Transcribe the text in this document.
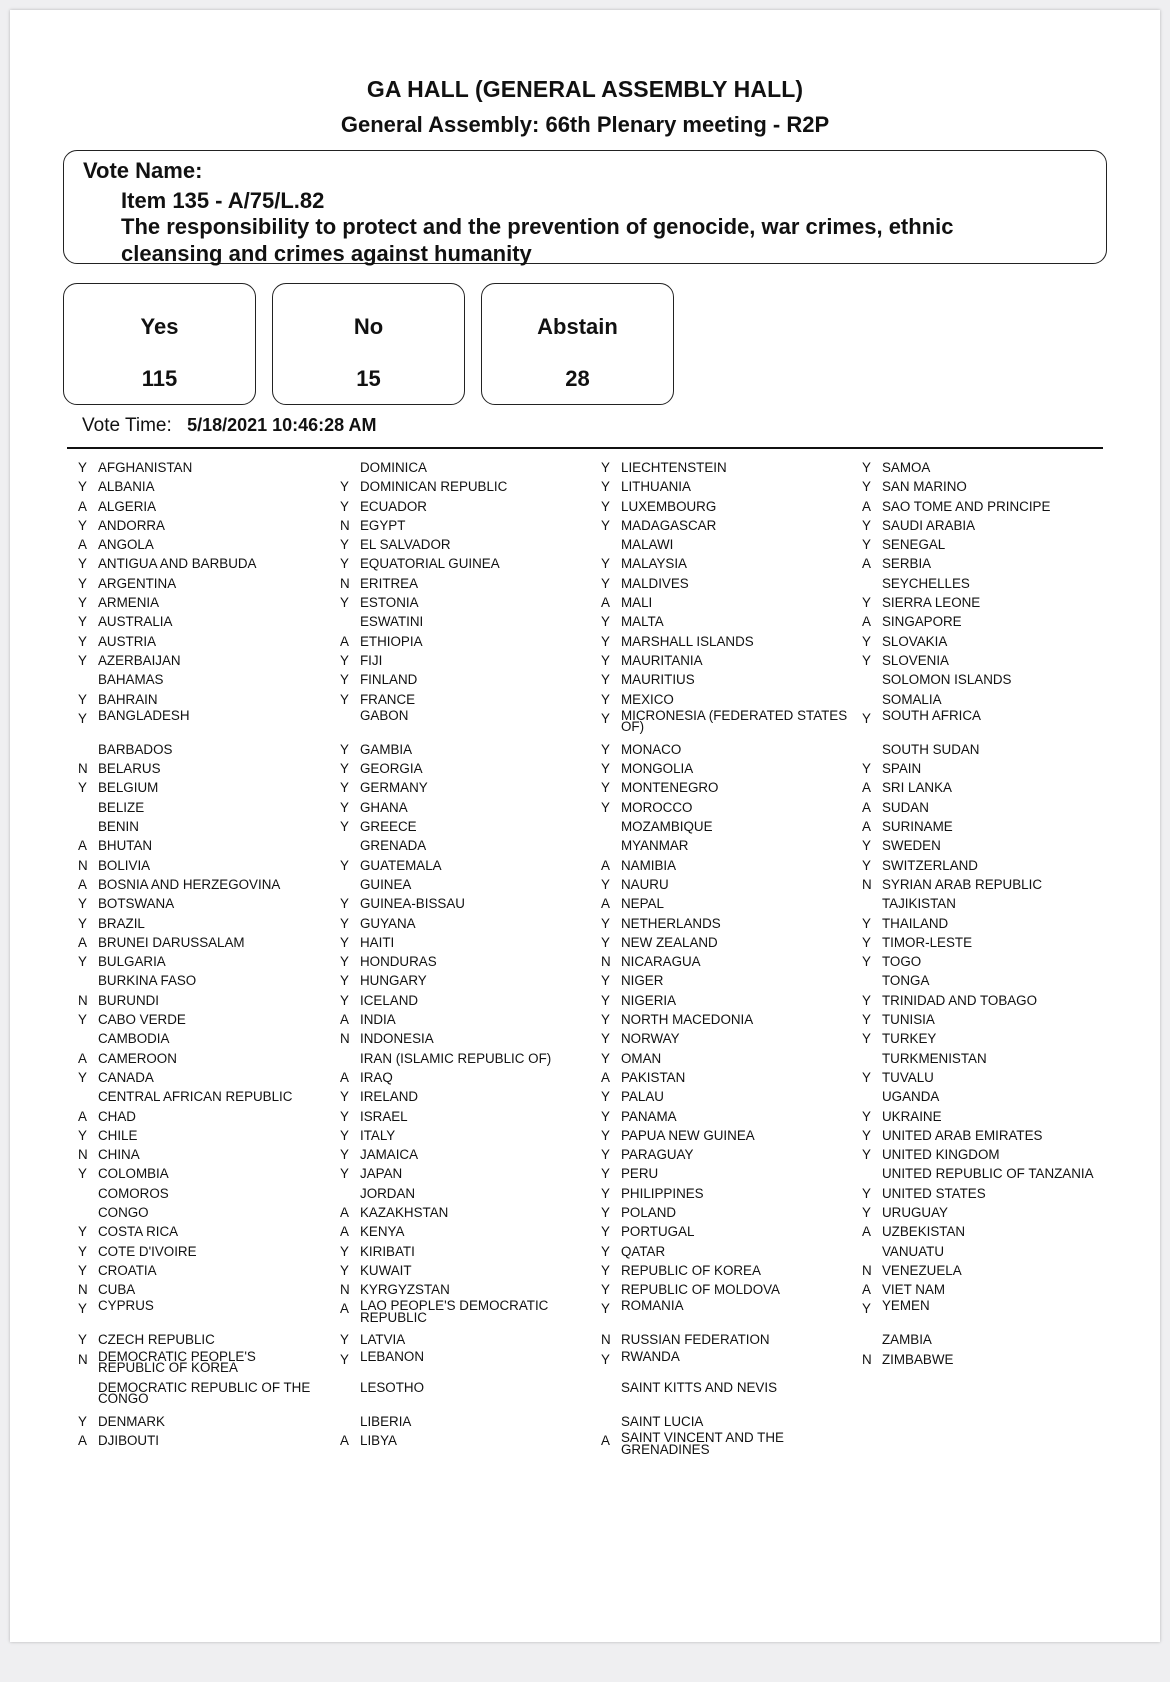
GA HALL (GENERAL ASSEMBLY HALL)
General Assembly: 66th Plenary meeting - R2P
Vote Name:
Item 135 - A/75/L.82
The responsibility to protect and the prevention of genocide, war crimes, ethnic cleansing and crimes against humanity
Yes
115
No
15
Abstain
28
Vote Time: 5/18/2021 10:46:28 AM
Y AFGHANISTAN
Y ALBANIA
A ALGERIA
Y ANDORRA
A ANGOLA
Y ANTIGUA AND BARBUDA
Y ARGENTINA
Y ARMENIA
Y AUSTRALIA
Y AUSTRIA
Y AZERBAIJAN
BAHAMAS
Y BAHRAIN
Y BANGLADESH
BARBADOS
N BELARUS
Y BELGIUM
BELIZE
BENIN
A BHUTAN
N BOLIVIA
A BOSNIA AND HERZEGOVINA
Y BOTSWANA
Y BRAZIL
A BRUNEI DARUSSALAM
Y BULGARIA
BURKINA FASO
N BURUNDI
Y CABO VERDE
CAMBODIA
A CAMEROON
Y CANADA
CENTRAL AFRICAN REPUBLIC
A CHAD
Y CHILE
N CHINA
Y COLOMBIA
COMOROS
CONGO
Y COSTA RICA
Y COTE D'IVOIRE
Y CROATIA
N CUBA
Y CYPRUS
Y CZECH REPUBLIC
N DEMOCRATIC PEOPLE'S REPUBLIC OF KOREA
DEMOCRATIC REPUBLIC OF THE CONGO
Y DENMARK
A DJIBOUTI
DOMINICA
Y DOMINICAN REPUBLIC
Y ECUADOR
N EGYPT
Y EL SALVADOR
Y EQUATORIAL GUINEA
N ERITREA
Y ESTONIA
ESWATINI
A ETHIOPIA
Y FIJI
Y FINLAND
Y FRANCE
GABON
Y GAMBIA
Y GEORGIA
Y GERMANY
Y GHANA
Y GREECE
GRENADA
Y GUATEMALA
GUINEA
Y GUINEA-BISSAU
Y GUYANA
Y HAITI
Y HONDURAS
Y HUNGARY
Y ICELAND
A INDIA
N INDONESIA
IRAN (ISLAMIC REPUBLIC OF)
A IRAQ
Y IRELAND
Y ISRAEL
Y ITALY
Y JAMAICA
Y JAPAN
JORDAN
A KAZAKHSTAN
A KENYA
Y KIRIBATI
Y KUWAIT
N KYRGYZSTAN
A LAO PEOPLE'S DEMOCRATIC REPUBLIC
Y LATVIA
Y LEBANON
LESOTHO
LIBERIA
A LIBYA
Y LIECHTENSTEIN
Y LITHUANIA
Y LUXEMBOURG
Y MADAGASCAR
MALAWI
Y MALAYSIA
Y MALDIVES
A MALI
Y MALTA
Y MARSHALL ISLANDS
Y MAURITANIA
Y MAURITIUS
Y MEXICO
Y MICRONESIA (FEDERATED STATES OF)
Y MONACO
Y MONGOLIA
Y MONTENEGRO
Y MOROCCO
MOZAMBIQUE
MYANMAR
A NAMIBIA
Y NAURU
A NEPAL
Y NETHERLANDS
Y NEW ZEALAND
N NICARAGUA
Y NIGER
Y NIGERIA
Y NORTH MACEDONIA
Y NORWAY
Y OMAN
A PAKISTAN
Y PALAU
Y PANAMA
Y PAPUA NEW GUINEA
Y PARAGUAY
Y PERU
Y PHILIPPINES
Y POLAND
Y PORTUGAL
Y QATAR
Y REPUBLIC OF KOREA
Y REPUBLIC OF MOLDOVA
Y ROMANIA
N RUSSIAN FEDERATION
Y RWANDA
SAINT KITTS AND NEVIS
SAINT LUCIA
A SAINT VINCENT AND THE GRENADINES
Y SAMOA
Y SAN MARINO
A SAO TOME AND PRINCIPE
Y SAUDI ARABIA
Y SENEGAL
A SERBIA
SEYCHELLES
Y SIERRA LEONE
A SINGAPORE
Y SLOVAKIA
Y SLOVENIA
SOLOMON ISLANDS
SOMALIA
Y SOUTH AFRICA
SOUTH SUDAN
Y SPAIN
A SRI LANKA
A SUDAN
A SURINAME
Y SWEDEN
Y SWITZERLAND
N SYRIAN ARAB REPUBLIC
TAJIKISTAN
Y THAILAND
Y TIMOR-LESTE
Y TOGO
TONGA
Y TRINIDAD AND TOBAGO
Y TUNISIA
Y TURKEY
TURKMENISTAN
Y TUVALU
UGANDA
Y UKRAINE
Y UNITED ARAB EMIRATES
Y UNITED KINGDOM
UNITED REPUBLIC OF TANZANIA
Y UNITED STATES
Y URUGUAY
A UZBEKISTAN
VANUATU
N VENEZUELA
A VIET NAM
Y YEMEN
ZAMBIA
N ZIMBABWE
